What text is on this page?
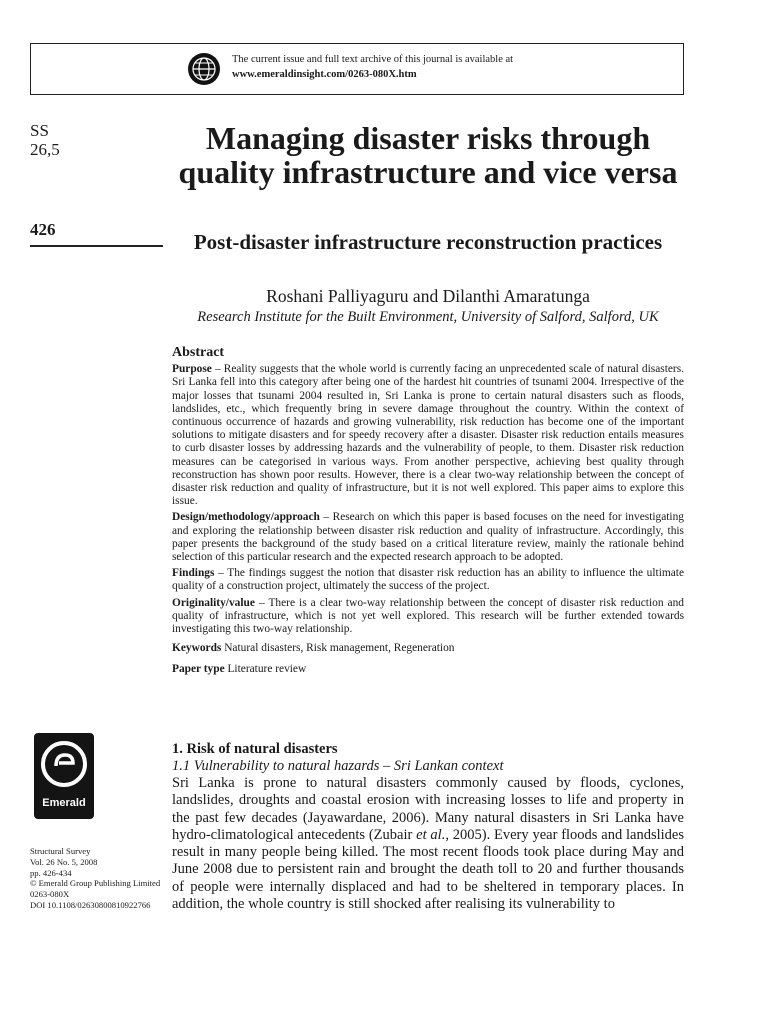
The current issue and full text archive of this journal is available at
www.emeraldinsight.com/0263-080X.htm
SS
26,5
426
Managing disaster risks through quality infrastructure and vice versa
Post-disaster infrastructure reconstruction practices
Roshani Palliyaguru and Dilanthi Amaratunga
Research Institute for the Built Environment, University of Salford, Salford, UK
Abstract

Purpose – Reality suggests that the whole world is currently facing an unprecedented scale of natural disasters. Sri Lanka fell into this category after being one of the hardest hit countries of tsunami 2004. Irrespective of the major losses that tsunami 2004 resulted in, Sri Lanka is prone to certain natural disasters such as floods, landslides, etc., which frequently bring in severe damage throughout the country. Within the context of continuous occurrence of hazards and growing vulnerability, risk reduction has become one of the important solutions to mitigate disasters and for speedy recovery after a disaster. Disaster risk reduction entails measures to curb disaster losses by addressing hazards and the vulnerability of people, to them. Disaster risk reduction measures can be categorised in various ways. From another perspective, achieving best quality through reconstruction has shown poor results. However, there is a clear two-way relationship between the concept of disaster risk reduction and quality of infrastructure, but it is not well explored. This paper aims to explore this issue.

Design/methodology/approach – Research on which this paper is based focuses on the need for investigating and exploring the relationship between disaster risk reduction and quality of infrastructure. Accordingly, this paper presents the background of the study based on a critical literature review, mainly the rationale behind selection of this particular research and the expected research approach to be adopted.

Findings – The findings suggest the notion that disaster risk reduction has an ability to influence the ultimate quality of a construction project, ultimately the success of the project.

Originality/value – There is a clear two-way relationship between the concept of disaster risk reduction and quality of infrastructure, which is not yet well explored. This research will be further extended towards investigating this two-way relationship.

Keywords Natural disasters, Risk management, Regeneration

Paper type Literature review

Emerald
Structural Survey
Vol. 26 No. 5, 2008
pp. 426-434
© Emerald Group Publishing Limited
0263-080X
DOI 10.1108/02630800810922766
1. Risk of natural disasters
1.1 Vulnerability to natural hazards – Sri Lankan context

Sri Lanka is prone to natural disasters commonly caused by floods, cyclones, landslides, droughts and coastal erosion with increasing losses to life and property in the past few decades (Jayawardane, 2006). Many natural disasters in Sri Lanka have hydro-climatological antecedents (Zubair et al., 2005). Every year floods and landslides result in many people being killed. The most recent floods took place during May and June 2008 due to persistent rain and brought the death toll to 20 and further thousands of people were internally displaced and had to be sheltered in temporary places. In addition, the whole country is still shocked after realising its vulnerability to
